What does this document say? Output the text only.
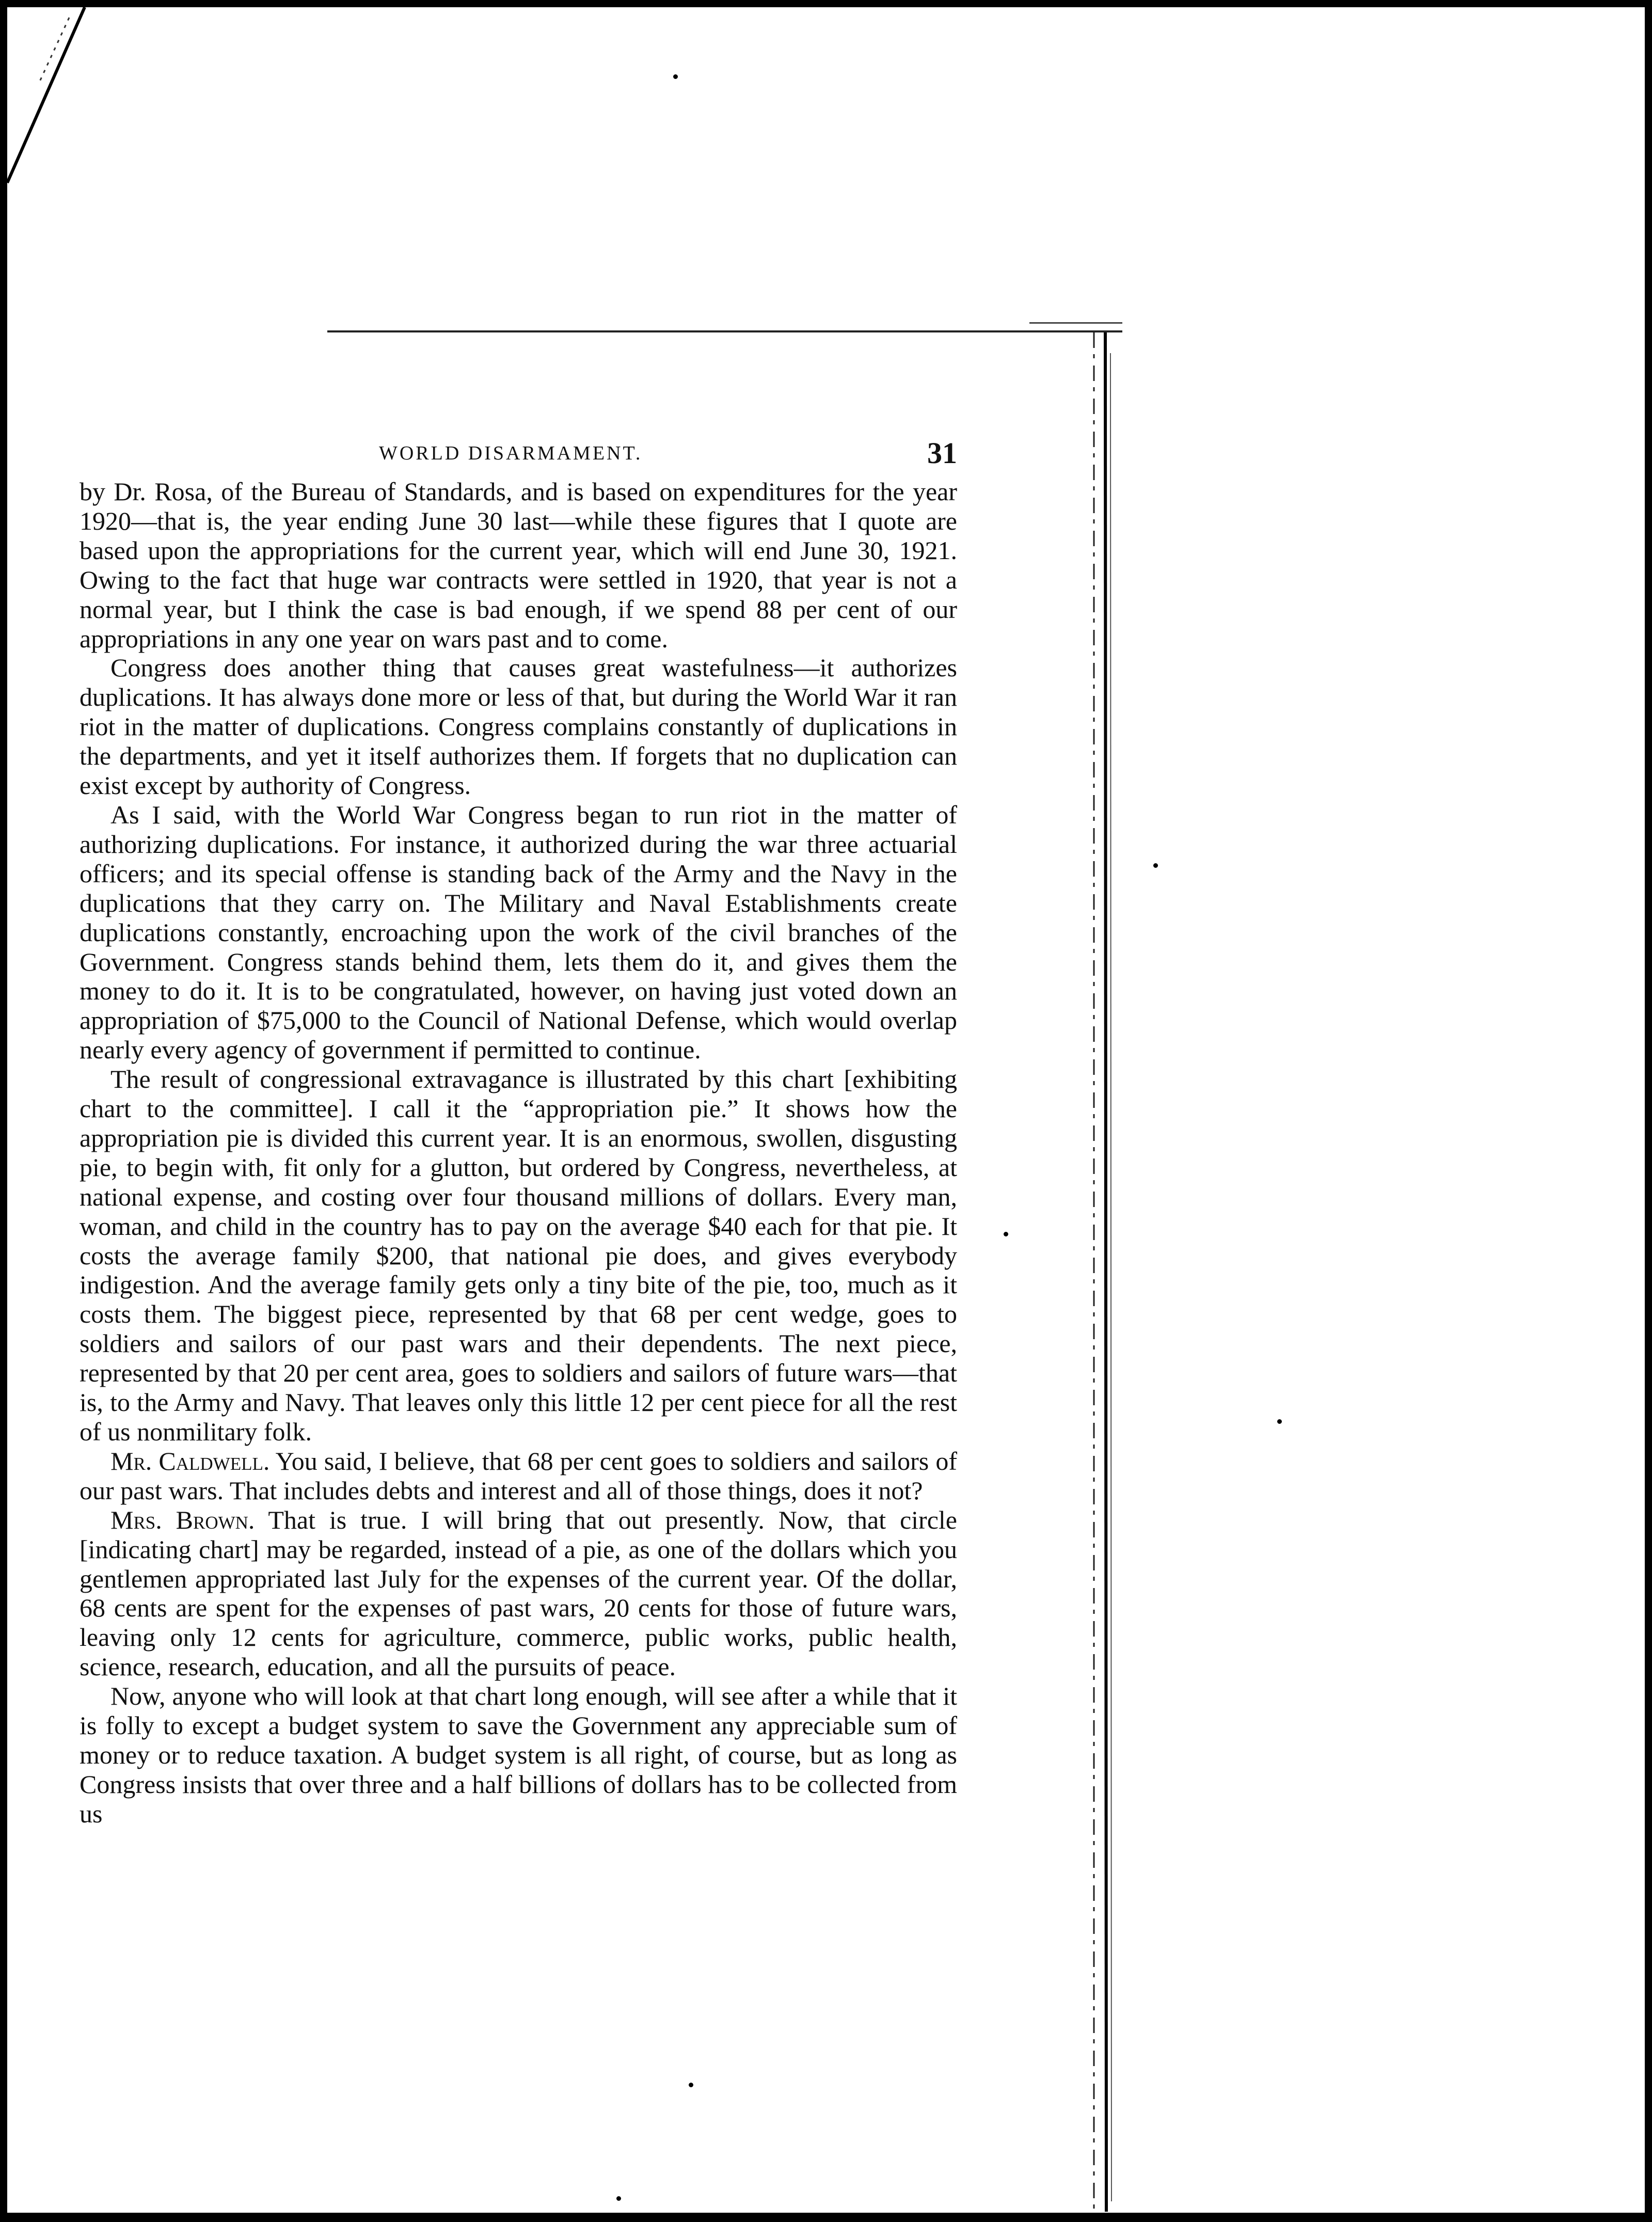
WORLD DISARMAMENT.	31

by Dr. Rosa, of the Bureau of Standards, and is based on expenditures for the year 1920—that is, the year ending June 30 last—while these figures that I quote are based upon the appropriations for the current year, which will end June 30, 1921. Owing to the fact that huge war contracts were settled in 1920, that year is not a normal year, but I think the case is bad enough, if we spend 88 per cent of our appropriations in any one year on wars past and to come.

Congress does another thing that causes great wastefulness—it authorizes duplications. It has always done more or less of that, but during the World War it ran riot in the matter of duplications. Congress complains constantly of duplications in the departments, and yet it itself authorizes them. If forgets that no duplication can exist except by authority of Congress.

As I said, with the World War Congress began to run riot in the matter of authorizing duplications. For instance, it authorized during the war three actuarial officers; and its special offense is standing back of the Army and the Navy in the duplications that they carry on. The Military and Naval Establishments create duplications constantly, encroaching upon the work of the civil branches of the Government. Congress stands behind them, lets them do it, and gives them the money to do it. It is to be congratulated, however, on having just voted down an appropriation of $75,000 to the Council of National Defense, which would overlap nearly every agency of government if permitted to continue.

The result of congressional extravagance is illustrated by this chart [exhibiting chart to the committee]. I call it the “appropriation pie.” It shows how the appropriation pie is divided this current year. It is an enormous, swollen, disgusting pie, to begin with, fit only for a glutton, but ordered by Congress, nevertheless, at national expense, and costing over four thousand millions of dollars. Every man, woman, and child in the country has to pay on the average $40 each for that pie. It costs the average family $200, that national pie does, and gives everybody indigestion. And the average family gets only a tiny bite of the pie, too, much as it costs them. The biggest piece, represented by that 68 per cent wedge, goes to soldiers and sailors of our past wars and their dependents. The next piece, represented by that 20 per cent area, goes to soldiers and sailors of future wars—that is, to the Army and Navy. That leaves only this little 12 per cent piece for all the rest of us nonmilitary folk.

Mr. Caldwell. You said, I believe, that 68 per cent goes to soldiers and sailors of our past wars. That includes debts and interest and all of those things, does it not?

Mrs. Brown. That is true. I will bring that out presently. Now, that circle [indicating chart] may be regarded, instead of a pie, as one of the dollars which you gentlemen appropriated last July for the expenses of the current year. Of the dollar, 68 cents are spent for the expenses of past wars, 20 cents for those of future wars, leaving only 12 cents for agriculture, commerce, public works, public health, science, research, education, and all the pursuits of peace.

Now, anyone who will look at that chart long enough, will see after a while that it is folly to except a budget system to save the Government any appreciable sum of money or to reduce taxation. A budget system is all right, of course, but as long as Congress insists that over three and a half billions of dollars has to be collected from us
